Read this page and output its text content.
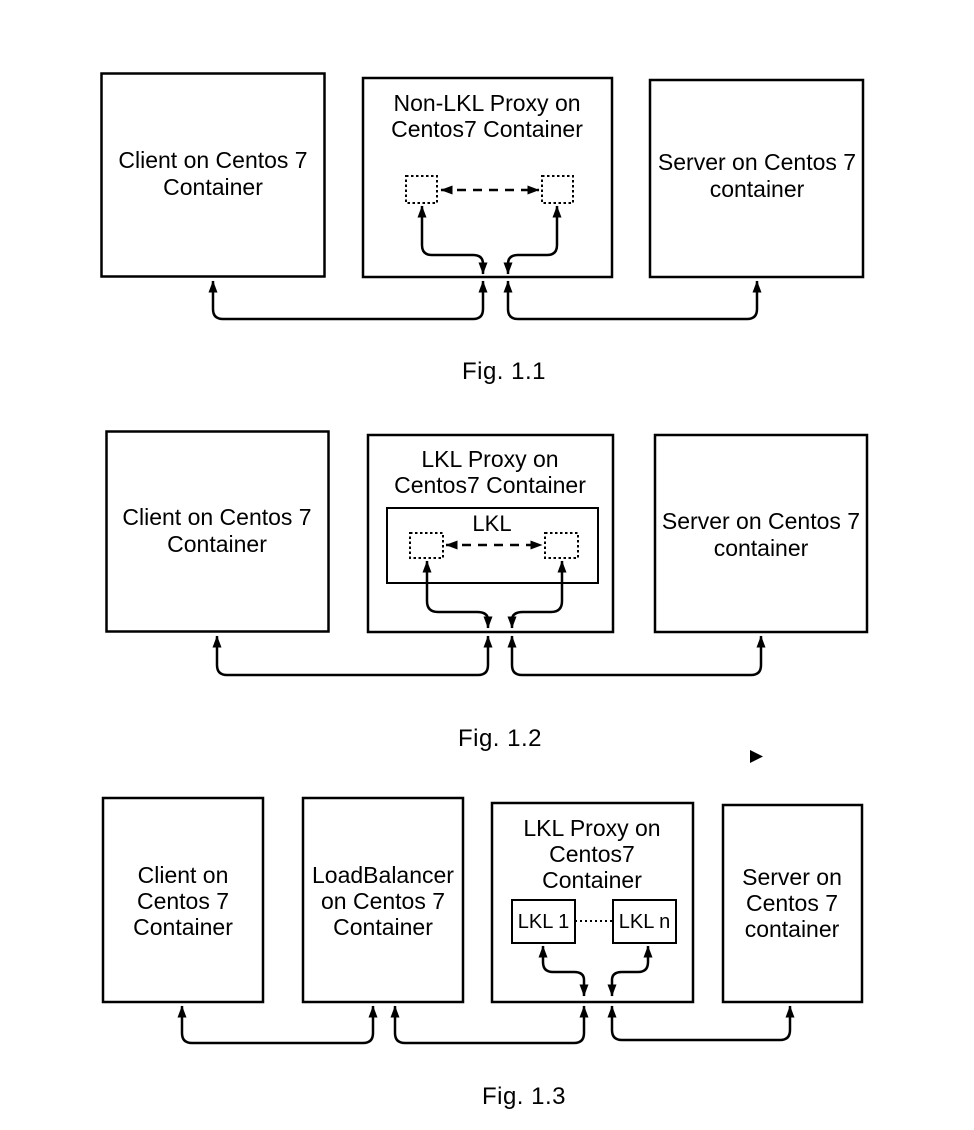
Client on Centos 7
Container
Non-LKL Proxy on
Centos7 Container
Server on Centos 7
container
Fig. 1.1
Client on Centos 7
Container
LKL Proxy on
Centos7 Container
LKL	Server on Centos 7
container
Fig. 1.2
Client on
Centos 7
Container
LoadBalancer
on Centos 7
Container
LKL Proxy on
Centos7
Container
LKL 1 LKL n
Server on
Centos 7
container
Fig. 1.3
